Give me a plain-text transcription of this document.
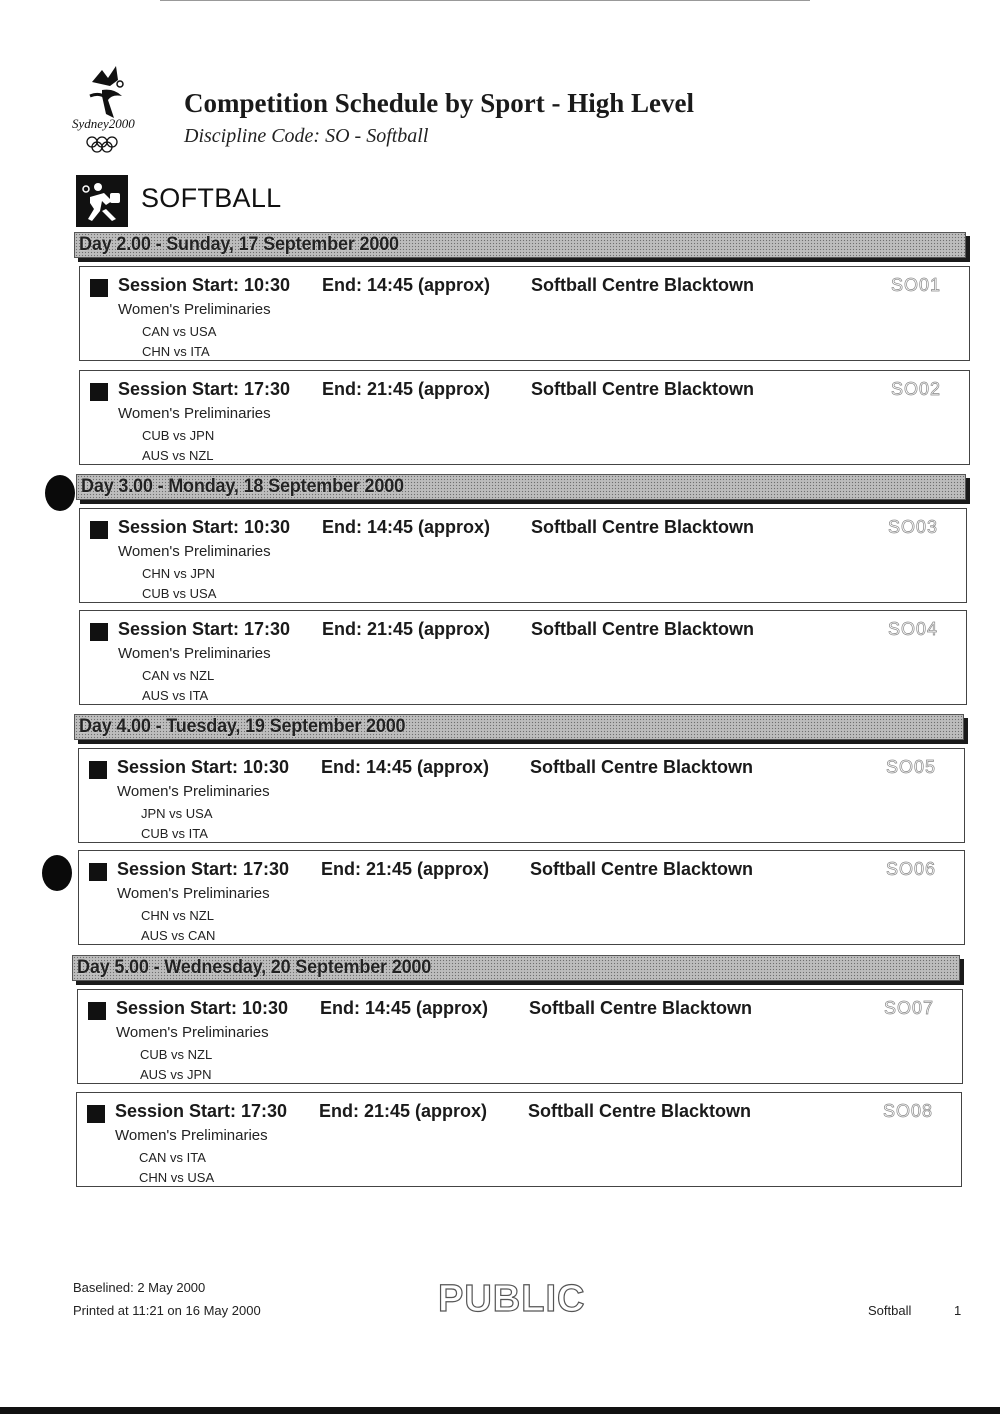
Sydney2000
Competition Schedule by Sport - High Level
Discipline Code: SO - Softball
SOFTBALL
Day 2.00 - Sunday, 17 September 2000
Session Start: 10:30 End: 14:45 (approx) Softball Centre Blacktown	SO01
Women's Preliminaries
CAN vs USA
CHN vs ITA
Session Start: 17:30 End: 21:45 (approx) Softball Centre Blacktown	SO02
Women's Preliminaries
CUB vs JPN
AUS vs NZL
Day 3.00 - Monday, 18 September 2000
Session Start: 10:30 End: 14:45 (approx) Softball Centre Blacktown	SO03
Women's Preliminaries
CHN vs JPN
CUB vs USA
Session Start: 17:30 End: 21:45 (approx) Softball Centre Blacktown	SO04
Women's Preliminaries
CAN vs NZL
AUS vs ITA
Day 4.00 - Tuesday, 19 September 2000
Session Start: 10:30 End: 14:45 (approx) Softball Centre Blacktown	SO05
Women's Preliminaries
JPN vs USA
CUB vs ITA
Session Start: 17:30 End: 21:45 (approx) Softball Centre Blacktown	SO06
Women's Preliminaries
CHN vs NZL
AUS vs CAN
Day 5.00 - Wednesday, 20 September 2000
Session Start: 10:30 End: 14:45 (approx) Softball Centre Blacktown	SO07
Women's Preliminaries
CUB vs NZL
AUS vs JPN
Session Start: 17:30 End: 21:45 (approx) Softball Centre Blacktown	SO08
Women's Preliminaries
CAN vs ITA
CHN vs USA
Baselined: 2 May 2000
Printed at 11:21 on 16 May 2000	PUBLIC	Softball	1
